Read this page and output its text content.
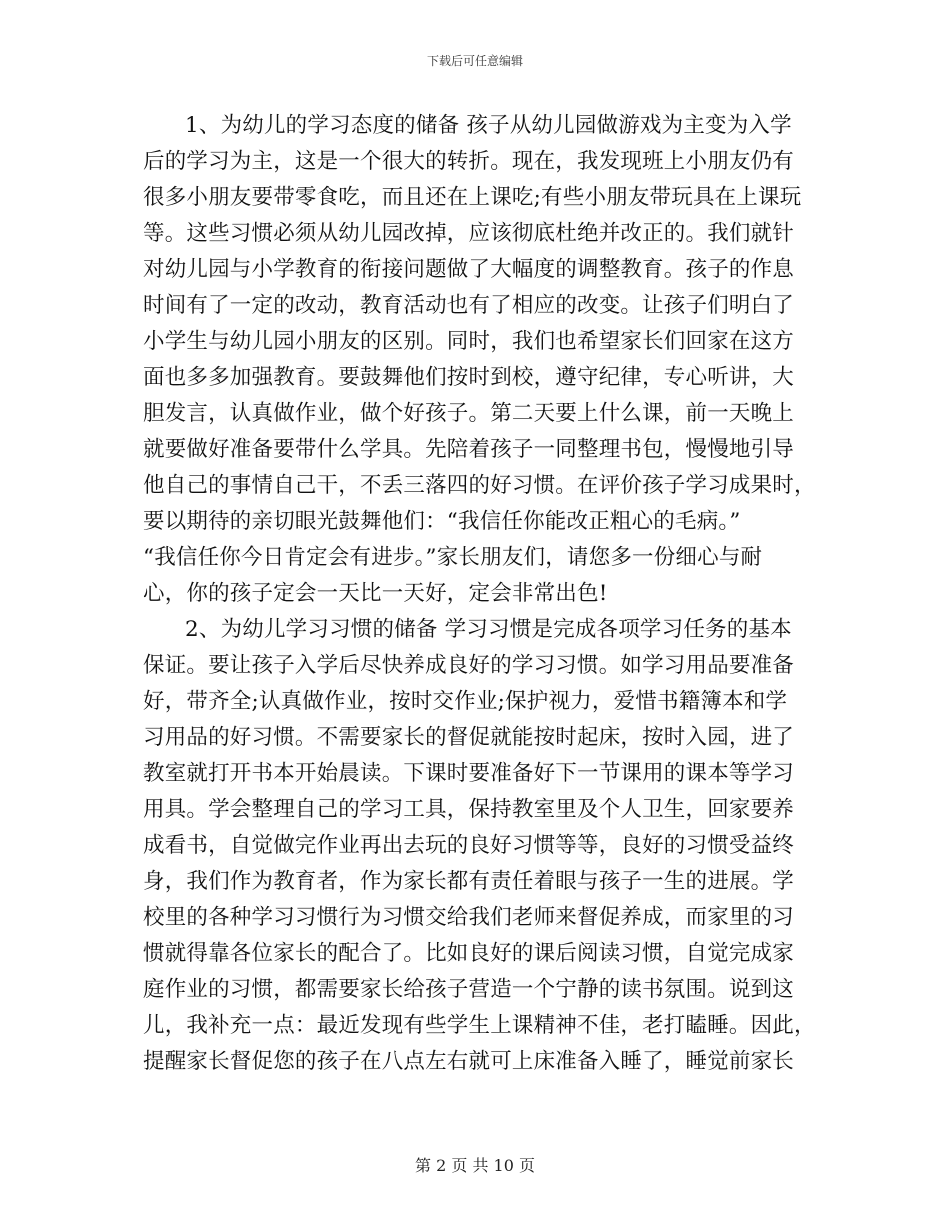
下载后可任意编辑
1、为幼儿的学习态度的储备 孩子从幼儿园做游戏为主变为入学
后的学习为主，这是一个很大的转折。现在，我发现班上小朋友仍有
很多小朋友要带零食吃，而且还在上课吃;有些小朋友带玩具在上课玩
等。这些习惯必须从幼儿园改掉，应该彻底杜绝并改正的。我们就针
对幼儿园与小学教育的衔接问题做了大幅度的调整教育。孩子的作息
时间有了一定的改动，教育活动也有了相应的改变。让孩子们明白了
小学生与幼儿园小朋友的区别。同时，我们也希望家长们回家在这方
面也多多加强教育。要鼓舞他们按时到校，遵守纪律，专心听讲，大
胆发言，认真做作业，做个好孩子。第二天要上什么课，前一天晚上
就要做好准备要带什么学具。先陪着孩子一同整理书包，慢慢地引导
他自己的事情自己干，不丢三落四的好习惯。在评价孩子学习成果时，
要以期待的亲切眼光鼓舞他们：“我信任你能改正粗心的毛病。”
“我信任你今日肯定会有进步。”家长朋友们，请您多一份细心与耐
心，你的孩子定会一天比一天好，定会非常出色!
2、为幼儿学习习惯的储备 学习习惯是完成各项学习任务的基本
保证。要让孩子入学后尽快养成良好的学习习惯。如学习用品要准备
好，带齐全;认真做作业，按时交作业;保护视力，爱惜书籍簿本和学
习用品的好习惯。不需要家长的督促就能按时起床，按时入园，进了
教室就打开书本开始晨读。下课时要准备好下一节课用的课本等学习
用具。学会整理自己的学习工具，保持教室里及个人卫生，回家要养
成看书，自觉做完作业再出去玩的良好习惯等等，良好的习惯受益终
身，我们作为教育者，作为家长都有责任着眼与孩子一生的进展。学
校里的各种学习习惯行为习惯交给我们老师来督促养成，而家里的习
惯就得靠各位家长的配合了。比如良好的课后阅读习惯，自觉完成家
庭作业的习惯，都需要家长给孩子营造一个宁静的读书氛围。说到这
儿，我补充一点：最近发现有些学生上课精神不佳，老打瞌睡。因此，
提醒家长督促您的孩子在八点左右就可上床准备入睡了，睡觉前家长
第 2 页 共 10 页
